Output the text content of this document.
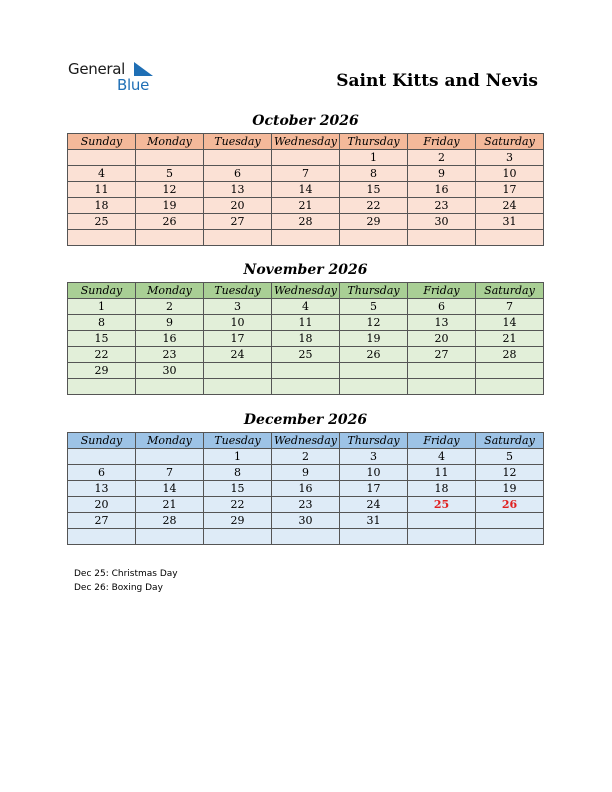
General
Blue	Saint Kitts and Nevis
October 2026
Sunday	Monday	Tuesday	Wednesday	Thursday	Friday	Saturday
				1	2	3
4	5	6	7	8	9	10
11	12	13	14	15	16	17
18	19	20	21	22	23	24
25	26	27	28	29	30	31

November 2026
Sunday	Monday	Tuesday	Wednesday	Thursday	Friday	Saturday
1	2	3	4	5	6	7
8	9	10	11	12	13	14
15	16	17	18	19	20	21
22	23	24	25	26	27	28
29	30					

December 2026
Sunday	Monday	Tuesday	Wednesday	Thursday	Friday	Saturday
		1	2	3	4	5
6	7	8	9	10	11	12
13	14	15	16	17	18	19
20	21	22	23	24	25	26
27	28	29	30	31		

Dec 25: Christmas Day
Dec 26: Boxing Day
